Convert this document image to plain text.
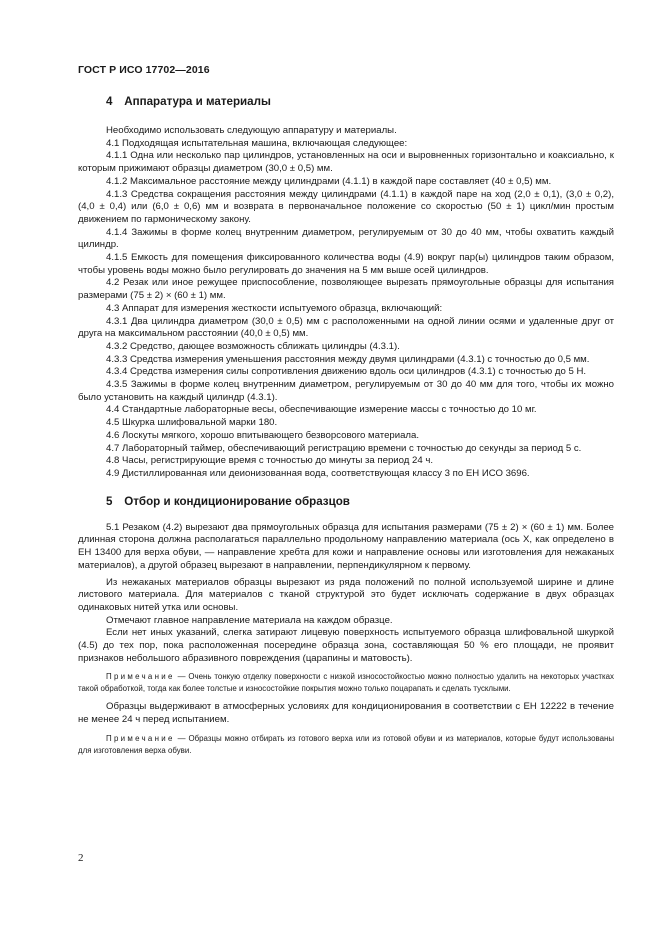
ГОСТ Р ИСО 17702—2016
4 Аппаратура и материалы

Необходимо использовать следующую аппаратуру и материалы.

4.1 Подходящая испытательная машина, включающая следующее:

4.1.1 Одна или несколько пар цилиндров, установленных на оси и выровненных горизонтально и коаксиально, к которым прижимают образцы диаметром (30,0 ± 0,5) мм.

4.1.2 Максимальное расстояние между цилиндрами (4.1.1) в каждой паре составляет (40 ± 0,5) мм.

4.1.3 Средства сокращения расстояния между цилиндрами (4.1.1) в каждой паре на ход (2,0 ± 0,1), (3,0 ± 0,2), (4,0 ± 0,4) или (6,0 ± 0,6) мм и возврата в первоначальное положение со скоростью (50 ± 1) цикл/мин простым движением по гармоническому закону.

4.1.4 Зажимы в форме колец внутренним диаметром, регулируемым от 30 до 40 мм, чтобы охватить каждый цилиндр.

4.1.5 Емкость для помещения фиксированного количества воды (4.9) вокруг пар(ы) цилиндров таким образом, чтобы уровень воды можно было регулировать до значения на 5 мм выше осей цилиндров.

4.2 Резак или иное режущее приспособление, позволяющее вырезать прямоугольные образцы для испытания размерами (75 ± 2) × (60 ± 1) мм.

4.3 Аппарат для измерения жесткости испытуемого образца, включающий:

4.3.1 Два цилиндра диаметром (30,0 ± 0,5) мм с расположенными на одной линии осями и удаленные друг от друга на максимальном расстоянии (40,0 ± 0,5) мм.

4.3.2 Средство, дающее возможность сближать цилиндры (4.3.1).

4.3.3 Средства измерения уменьшения расстояния между двумя цилиндрами (4.3.1) с точностью до 0,5 мм.

4.3.4 Средства измерения силы сопротивления движению вдоль оси цилиндров (4.3.1) с точностью до 5 Н.

4.3.5 Зажимы в форме колец внутренним диаметром, регулируемым от 30 до 40 мм для того, чтобы их можно было установить на каждый цилиндр (4.3.1).

4.4 Стандартные лабораторные весы, обеспечивающие измерение массы с точностью до 10 мг.

4.5 Шкурка шлифовальной марки 180.

4.6 Лоскуты мягкого, хорошо впитывающего безворсового материала.

4.7 Лабораторный таймер, обеспечивающий регистрацию времени с точностью до секунды за период 5 с.

4.8 Часы, регистрирующие время с точностью до минуты за период 24 ч.

4.9 Дистиллированная или деионизованная вода, соответствующая классу 3 по ЕН ИСО 3696.

5 Отбор и кондиционирование образцов

5.1 Резаком (4.2) вырезают два прямоугольных образца для испытания размерами (75 ± 2) × (60 ± 1) мм. Более длинная сторона должна располагаться параллельно продольному направлению материала (ось X, как определено в ЕН 13400 для верха обуви, — направление хребта для кожи и направление основы или изготовления для нежаканых материалов), а другой образец вырезают в направлении, перпендикулярном к первому.

Из нежаканых материалов образцы вырезают из ряда положений по полной используемой ширине и длине листового материала. Для материалов с тканой структурой это будет исключать содержание в двух образцах одинаковых нитей утка или основы.

Отмечают главное направление материала на каждом образце.

Если нет иных указаний, слегка затирают лицевую поверхность испытуемого образца шлифовальной шкуркой (4.5) до тех пор, пока расположенная посередине образца зона, составляющая 50 % его площади, не проявит признаков небольшого абразивного повреждения (царапины и матовость).

Примечание — Очень тонкую отделку поверхности с низкой износостойкостью можно полностью удалить на некоторых участках такой обработкой, тогда как более толстые и износостойкие покрытия можно только поцарапать и сделать тусклыми.

Образцы выдерживают в атмосферных условиях для кондиционирования в соответствии с ЕН 12222 в течение не менее 24 ч перед испытанием.

Примечание — Образцы можно отбирать из готового верха или из готовой обуви и из материалов, которые будут использованы для изготовления верха обуви.

2
